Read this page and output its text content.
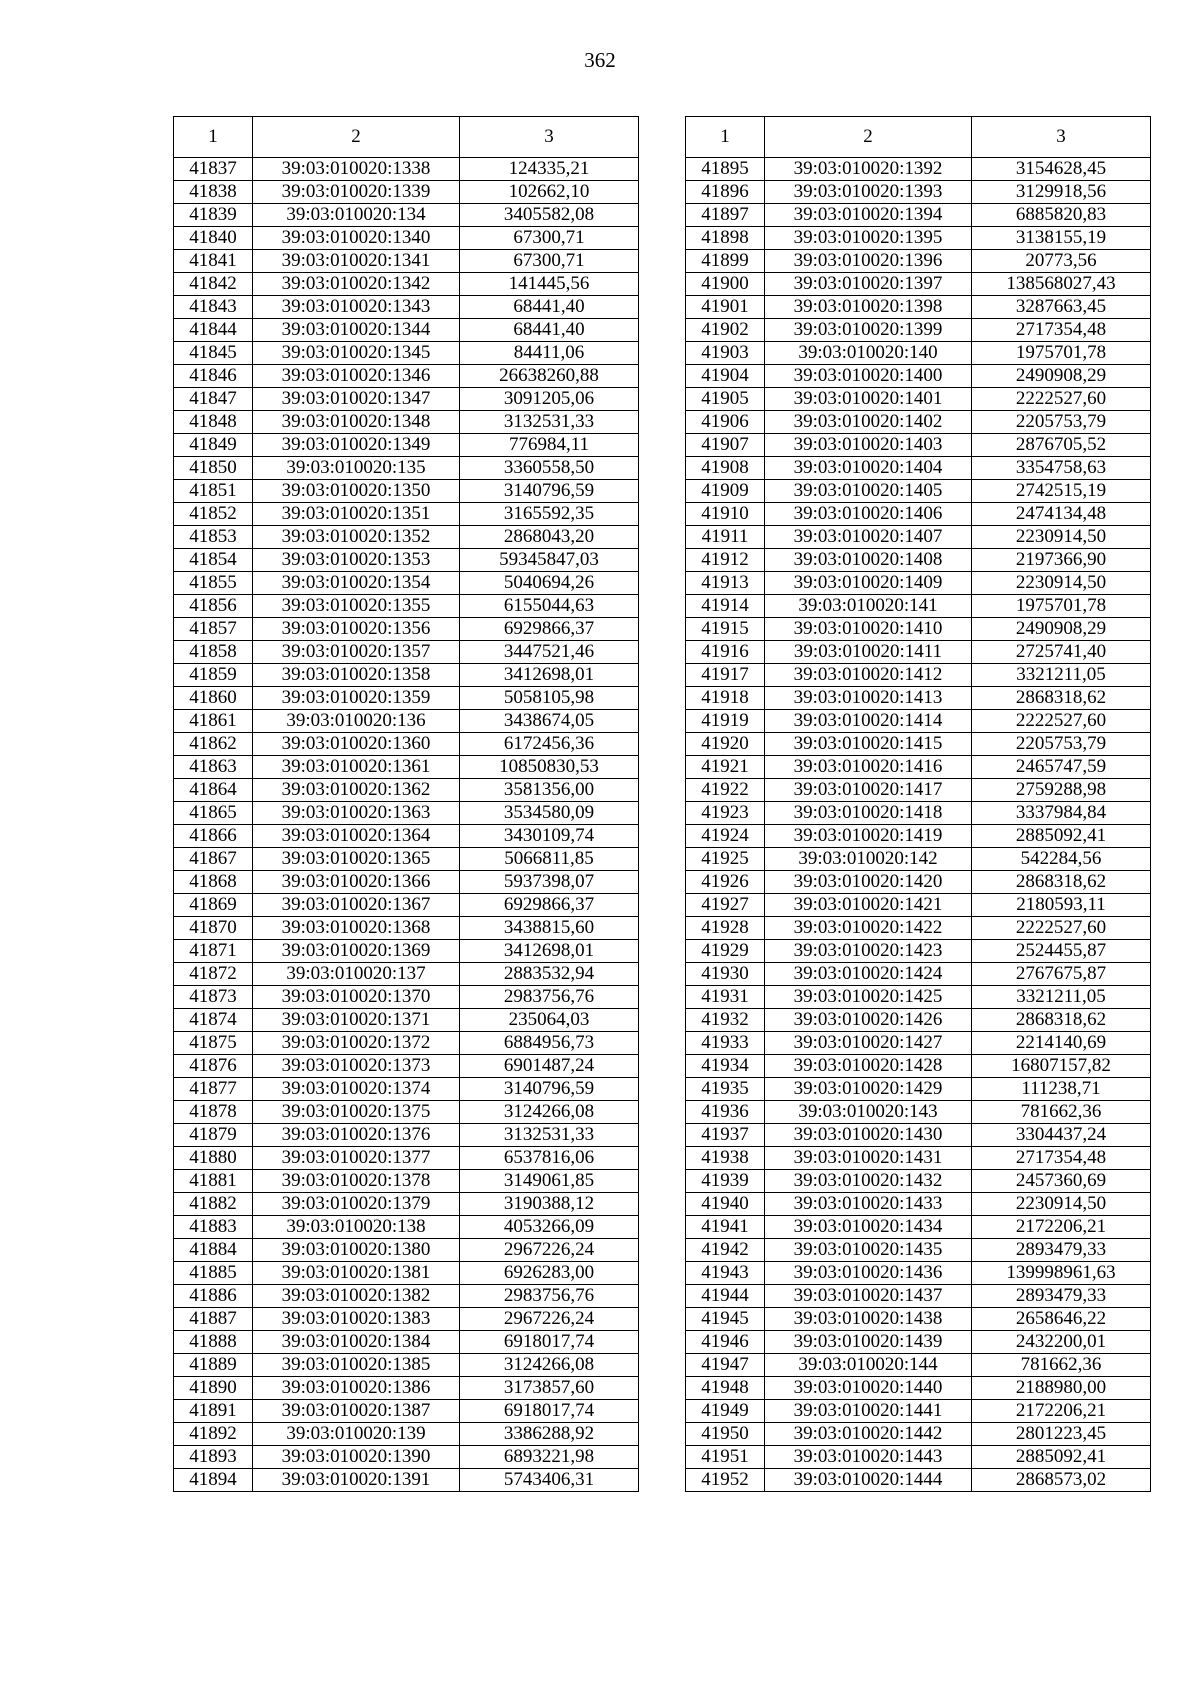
362
1	2	3
41837	39:03:010020:1338	124335,21
41838	39:03:010020:1339	102662,10
41839	39:03:010020:134	3405582,08
41840	39:03:010020:1340	67300,71
41841	39:03:010020:1341	67300,71
41842	39:03:010020:1342	141445,56
41843	39:03:010020:1343	68441,40
41844	39:03:010020:1344	68441,40
41845	39:03:010020:1345	84411,06
41846	39:03:010020:1346	26638260,88
41847	39:03:010020:1347	3091205,06
41848	39:03:010020:1348	3132531,33
41849	39:03:010020:1349	776984,11
41850	39:03:010020:135	3360558,50
41851	39:03:010020:1350	3140796,59
41852	39:03:010020:1351	3165592,35
41853	39:03:010020:1352	2868043,20
41854	39:03:010020:1353	59345847,03
41855	39:03:010020:1354	5040694,26
41856	39:03:010020:1355	6155044,63
41857	39:03:010020:1356	6929866,37
41858	39:03:010020:1357	3447521,46
41859	39:03:010020:1358	3412698,01
41860	39:03:010020:1359	5058105,98
41861	39:03:010020:136	3438674,05
41862	39:03:010020:1360	6172456,36
41863	39:03:010020:1361	10850830,53
41864	39:03:010020:1362	3581356,00
41865	39:03:010020:1363	3534580,09
41866	39:03:010020:1364	3430109,74
41867	39:03:010020:1365	5066811,85
41868	39:03:010020:1366	5937398,07
41869	39:03:010020:1367	6929866,37
41870	39:03:010020:1368	3438815,60
41871	39:03:010020:1369	3412698,01
41872	39:03:010020:137	2883532,94
41873	39:03:010020:1370	2983756,76
41874	39:03:010020:1371	235064,03
41875	39:03:010020:1372	6884956,73
41876	39:03:010020:1373	6901487,24
41877	39:03:010020:1374	3140796,59
41878	39:03:010020:1375	3124266,08
41879	39:03:010020:1376	3132531,33
41880	39:03:010020:1377	6537816,06
41881	39:03:010020:1378	3149061,85
41882	39:03:010020:1379	3190388,12
41883	39:03:010020:138	4053266,09
41884	39:03:010020:1380	2967226,24
41885	39:03:010020:1381	6926283,00
41886	39:03:010020:1382	2983756,76
41887	39:03:010020:1383	2967226,24
41888	39:03:010020:1384	6918017,74
41889	39:03:010020:1385	3124266,08
41890	39:03:010020:1386	3173857,60
41891	39:03:010020:1387	6918017,74
41892	39:03:010020:139	3386288,92
41893	39:03:010020:1390	6893221,98
41894	39:03:010020:1391	5743406,31
1	2	3
41895	39:03:010020:1392	3154628,45
41896	39:03:010020:1393	3129918,56
41897	39:03:010020:1394	6885820,83
41898	39:03:010020:1395	3138155,19
41899	39:03:010020:1396	20773,56
41900	39:03:010020:1397	138568027,43
41901	39:03:010020:1398	3287663,45
41902	39:03:010020:1399	2717354,48
41903	39:03:010020:140	1975701,78
41904	39:03:010020:1400	2490908,29
41905	39:03:010020:1401	2222527,60
41906	39:03:010020:1402	2205753,79
41907	39:03:010020:1403	2876705,52
41908	39:03:010020:1404	3354758,63
41909	39:03:010020:1405	2742515,19
41910	39:03:010020:1406	2474134,48
41911	39:03:010020:1407	2230914,50
41912	39:03:010020:1408	2197366,90
41913	39:03:010020:1409	2230914,50
41914	39:03:010020:141	1975701,78
41915	39:03:010020:1410	2490908,29
41916	39:03:010020:1411	2725741,40
41917	39:03:010020:1412	3321211,05
41918	39:03:010020:1413	2868318,62
41919	39:03:010020:1414	2222527,60
41920	39:03:010020:1415	2205753,79
41921	39:03:010020:1416	2465747,59
41922	39:03:010020:1417	2759288,98
41923	39:03:010020:1418	3337984,84
41924	39:03:010020:1419	2885092,41
41925	39:03:010020:142	542284,56
41926	39:03:010020:1420	2868318,62
41927	39:03:010020:1421	2180593,11
41928	39:03:010020:1422	2222527,60
41929	39:03:010020:1423	2524455,87
41930	39:03:010020:1424	2767675,87
41931	39:03:010020:1425	3321211,05
41932	39:03:010020:1426	2868318,62
41933	39:03:010020:1427	2214140,69
41934	39:03:010020:1428	16807157,82
41935	39:03:010020:1429	111238,71
41936	39:03:010020:143	781662,36
41937	39:03:010020:1430	3304437,24
41938	39:03:010020:1431	2717354,48
41939	39:03:010020:1432	2457360,69
41940	39:03:010020:1433	2230914,50
41941	39:03:010020:1434	2172206,21
41942	39:03:010020:1435	2893479,33
41943	39:03:010020:1436	139998961,63
41944	39:03:010020:1437	2893479,33
41945	39:03:010020:1438	2658646,22
41946	39:03:010020:1439	2432200,01
41947	39:03:010020:144	781662,36
41948	39:03:010020:1440	2188980,00
41949	39:03:010020:1441	2172206,21
41950	39:03:010020:1442	2801223,45
41951	39:03:010020:1443	2885092,41
41952	39:03:010020:1444	2868573,02
